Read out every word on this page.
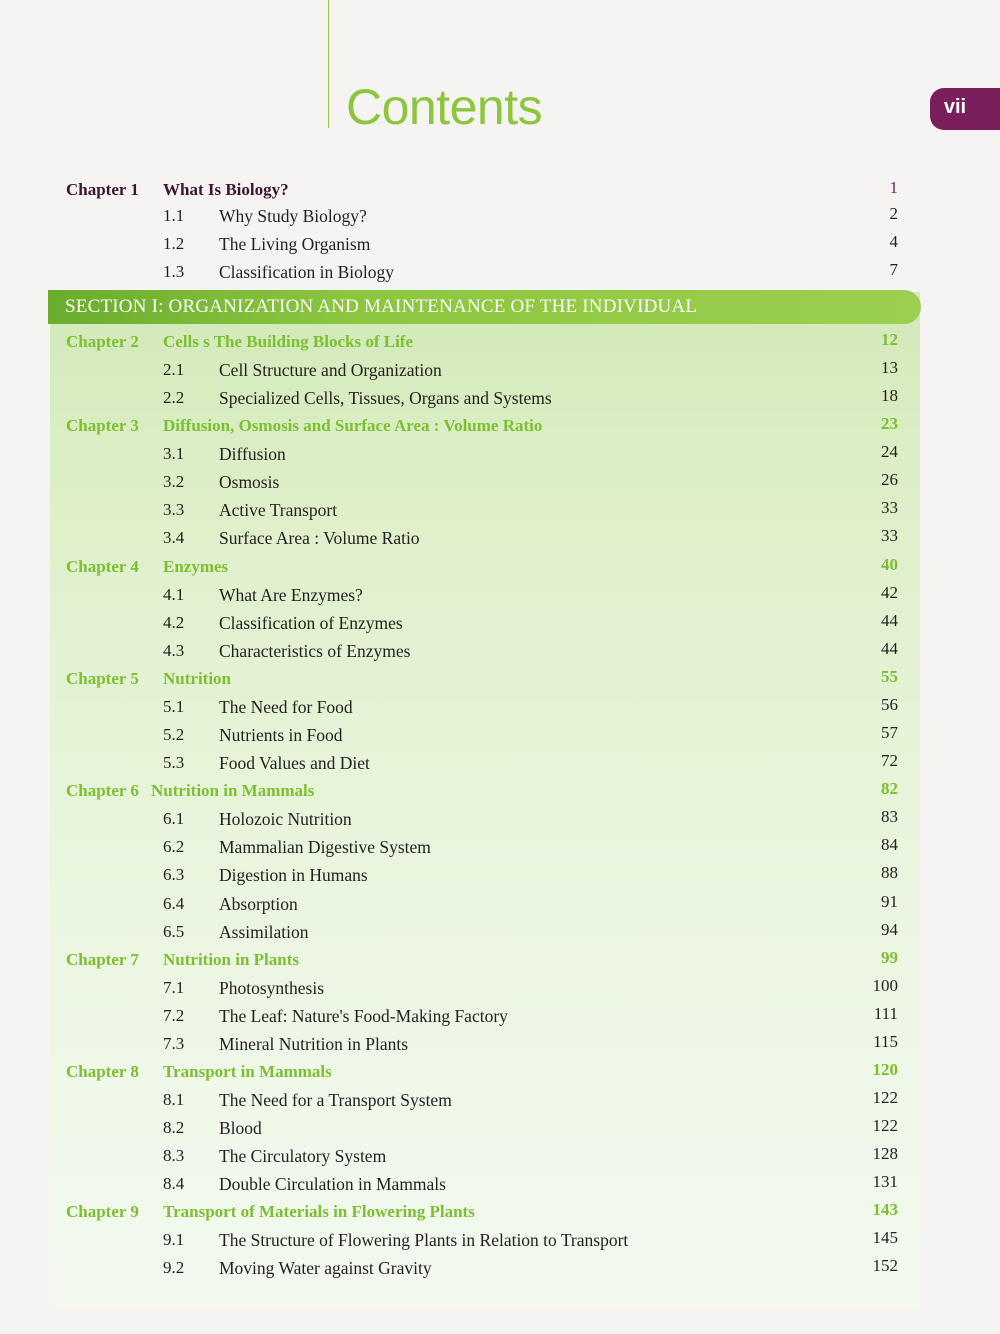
Contents	vii
Chapter 1 What Is Biology?	1
1.1 Why Study Biology?	2
1.2 The Living Organism	4
1.3 Classification in Biology	7
SECTION I: ORGANIZATION AND MAINTENANCE OF THE INDIVIDUAL
Chapter 2 Cells s The Building Blocks of Life	12
2.1 Cell Structure and Organization	13
2.2 Specialized Cells, Tissues, Organs and Systems	18
Chapter 3 Diffusion, Osmosis and Surface Area : Volume Ratio	23
3.1 Diffusion	24
3.2 Osmosis	26
3.3 Active Transport	33
3.4 Surface Area : Volume Ratio	33
Chapter 4 Enzymes	40
4.1 What Are Enzymes?	42
4.2 Classification of Enzymes	44
4.3 Characteristics of Enzymes	44
Chapter 5 Nutrition	55
5.1 The Need for Food	56
5.2 Nutrients in Food	57
5.3 Food Values and Diet	72
Chapter 6 Nutrition in Mammals	82
6.1 Holozoic Nutrition	83
6.2 Mammalian Digestive System	84
6.3 Digestion in Humans	88
6.4 Absorption	91
6.5 Assimilation	94
Chapter 7 Nutrition in Plants	99
7.1 Photosynthesis	100
7.2 The Leaf: Nature's Food-Making Factory	111
7.3 Mineral Nutrition in Plants	115
Chapter 8 Transport in Mammals	120
8.1 The Need for a Transport System	122
8.2 Blood	122
8.3 The Circulatory System	128
8.4 Double Circulation in Mammals	131
Chapter 9 Transport of Materials in Flowering Plants	143
9.1 The Structure of Flowering Plants in Relation to Transport	145
9.2 Moving Water against Gravity	152
